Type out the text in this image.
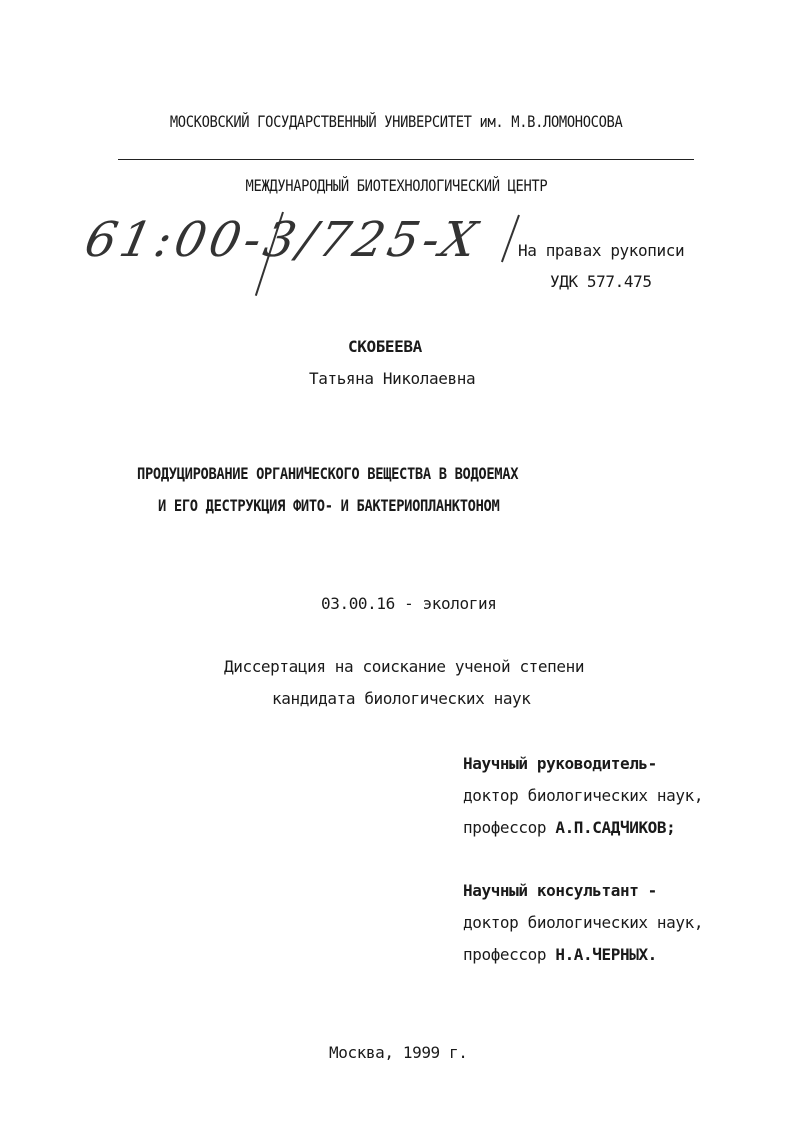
МОСКОВСКИЙ ГОСУДАРСТВЕННЫЙ УНИВЕРСИТЕТ им. М.В.ЛОМОНОСОВА
МЕЖДУНАРОДНЫЙ БИОТЕХНОЛОГИЧЕСКИЙ ЦЕНТР
61:00-3/725-X	На правах рукописи
УДК 577.475
СКОБЕЕВА
Татьяна Николаевна
ПРОДУЦИРОВАНИЕ ОРГАНИЧЕСКОГО ВЕЩЕСТВА В ВОДОЕМАХ
И ЕГО ДЕСТРУКЦИЯ ФИТО- И БАКТЕРИОПЛАНКТОНОМ
03.00.16 - экология
Диссертация на соискание ученой степени
кандидата биологических наук
Научный руководитель-
доктор биологических наук,
профессор А.П.САДЧИКОВ;
Научный консультант -
доктор биологических наук,
профессор Н.А.ЧЕРНЫХ.
Москва, 1999 г.
